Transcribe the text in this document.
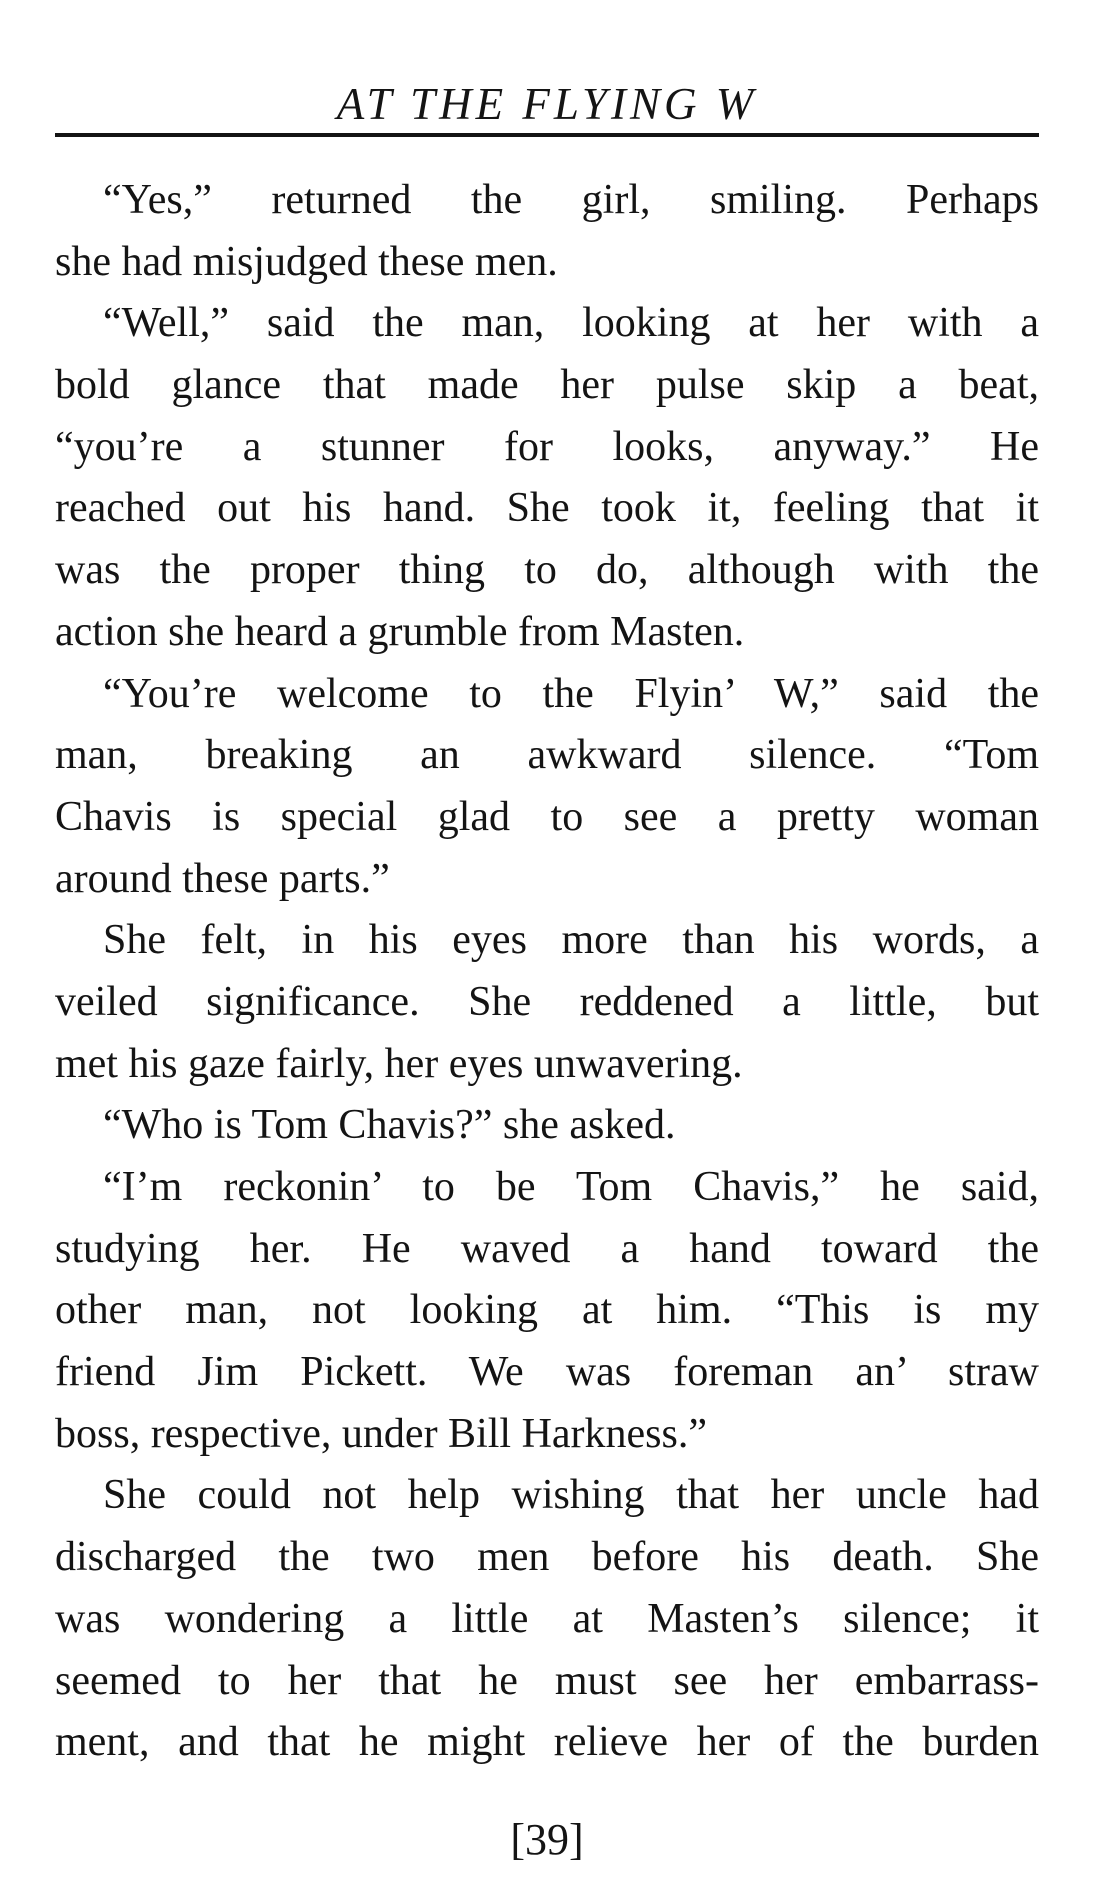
AT THE FLYING W
“Yes,” returned the girl, smiling. Perhaps
she had misjudged these men.
“Well,” said the man, looking at her with a
bold glance that made her pulse skip a beat,
“you’re a stunner for looks, anyway.” He
reached out his hand. She took it, feeling that it
was the proper thing to do, although with the
action she heard a grumble from Masten.
“You’re welcome to the Flyin’ W,” said the
man, breaking an awkward silence. “Tom
Chavis is special glad to see a pretty woman
around these parts.”
She felt, in his eyes more than his words, a
veiled significance. She reddened a little, but
met his gaze fairly, her eyes unwavering.
“Who is Tom Chavis?” she asked.
“I’m reckonin’ to be Tom Chavis,” he said,
studying her. He waved a hand toward the
other man, not looking at him. “This is my
friend Jim Pickett. We was foreman an’ straw
boss, respective, under Bill Harkness.”
She could not help wishing that her uncle had
discharged the two men before his death. She
was wondering a little at Masten’s silence; it
seemed to her that he must see her embarrass-
ment, and that he might relieve her of the burden
[39]
